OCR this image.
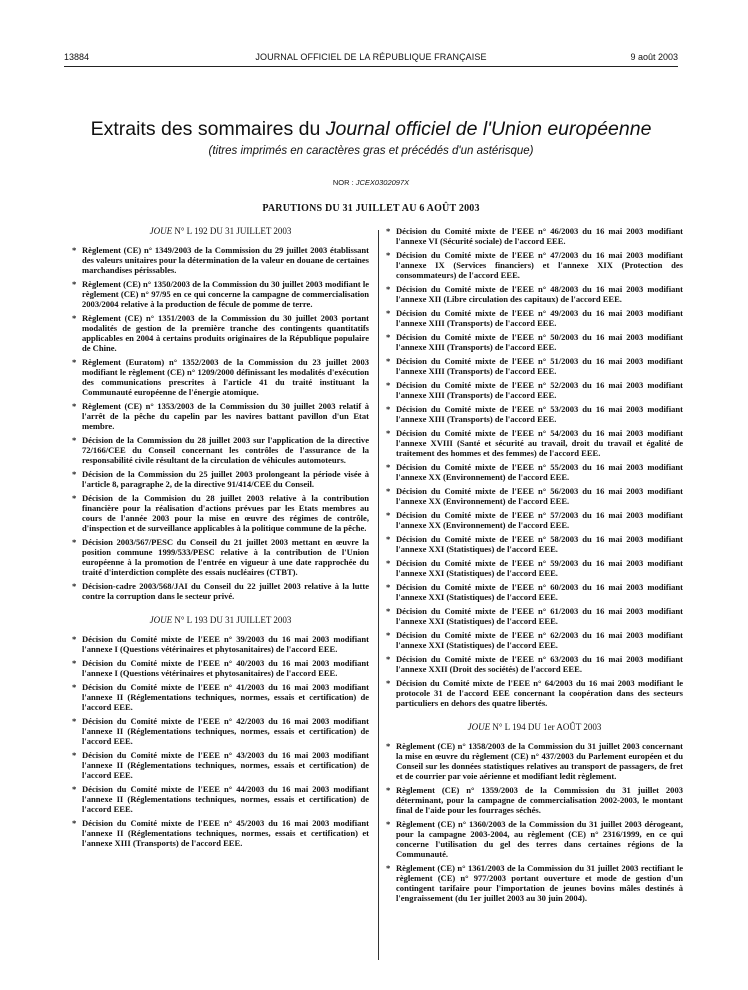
13884	JOURNAL OFFICIEL DE LA RÉPUBLIQUE FRANÇAISE	9 août 2003
Extraits des sommaires du Journal officiel de l'Union européenne
(titres imprimés en caractères gras et précédés d'un astérisque)
NOR : JCEX0302097X
PARUTIONS DU 31 JUILLET AU 6 AOÛT 2003
JOUE N° L 192 DU 31 JUILLET 2003
* Règlement (CE) n° 1349/2003 de la Commission du 29 juillet 2003 établissant des valeurs unitaires pour la détermination de la valeur en douane de certaines marchandises périssables.
* Règlement (CE) n° 1350/2003 de la Commission du 30 juillet 2003 modifiant le règlement (CE) n° 97/95 en ce qui concerne la campagne de commercialisation 2003/2004 relative à la production de fécule de pomme de terre.
* Règlement (CE) n° 1351/2003 de la Commission du 30 juillet 2003 portant modalités de gestion de la première tranche des contingents quantitatifs applicables en 2004 à certains produits originaires de la République populaire de Chine.
* Règlement (Euratom) n° 1352/2003 de la Commission du 23 juillet 2003 modifiant le règlement (CE) n° 1209/2000 définissant les modalités d'exécution des communications prescrites à l'article 41 du traité instituant la Communauté européenne de l'énergie atomique.
* Règlement (CE) n° 1353/2003 de la Commission du 30 juillet 2003 relatif à l'arrêt de la pêche du capelin par les navires battant pavillon d'un Etat membre.
* Décision de la Commission du 28 juillet 2003 sur l'application de la directive 72/166/CEE du Conseil concernant les contrôles de l'assurance de la responsabilité civile résultant de la circulation de véhicules automoteurs.
* Décision de la Commission du 25 juillet 2003 prolongeant la période visée à l'article 8, paragraphe 2, de la directive 91/414/CEE du Conseil.
* Décision de la Commision du 28 juillet 2003 relative à la contribution financière pour la réalisation d'actions prévues par les Etats membres au cours de l'année 2003 pour la mise en œuvre des régimes de contrôle, d'inspection et de surveillance applicables à la politique commune de la pêche.
* Décision 2003/567/PESC du Conseil du 21 juillet 2003 mettant en œuvre la position commune 1999/533/PESC relative à la contribution de l'Union européenne à la promotion de l'entrée en vigueur à une date rapprochée du traité d'interdiction complète des essais nucléaires (CTBT).
* Décision-cadre 2003/568/JAI du Conseil du 22 juillet 2003 relative à la lutte contre la corruption dans le secteur privé.
JOUE N° L 193 DU 31 JUILLET 2003
* Décision du Comité mixte de l'EEE n° 39/2003 du 16 mai 2003 modifiant l'annexe I (Questions vétérinaires et phytosanitaires) de l'accord EEE.
* Décision du Comité mixte de l'EEE n° 40/2003 du 16 mai 2003 modifiant l'annexe I (Questions vétérinaires et phytosanitaires) de l'accord EEE.
* Décision du Comité mixte de l'EEE n° 41/2003 du 16 mai 2003 modifiant l'annexe II (Réglementations techniques, normes, essais et certification) de l'accord EEE.
* Décision du Comité mixte de l'EEE n° 42/2003 du 16 mai 2003 modifiant l'annexe II (Réglementations techniques, normes, essais et certification) de l'accord EEE.
* Décision du Comité mixte de l'EEE n° 43/2003 du 16 mai 2003 modifiant l'annexe II (Réglementations techniques, normes, essais et certification) de l'accord EEE.
* Décision du Comité mixte de l'EEE n° 44/2003 du 16 mai 2003 modifiant l'annexe II (Réglementations techniques, normes, essais et certification) de l'accord EEE.
* Décision du Comité mixte de l'EEE n° 45/2003 du 16 mai 2003 modifiant l'annexe II (Réglementations techniques, normes, essais et certification) et l'annexe XIII (Transports) de l'accord EEE.
* Décision du Comité mixte de l'EEE n° 46/2003 du 16 mai 2003 modifiant l'annexe VI (Sécurité sociale) de l'accord EEE.
* Décision du Comité mixte de l'EEE n° 47/2003 du 16 mai 2003 modifiant l'annexe IX (Services financiers) et l'annexe XIX (Protection des consommateurs) de l'accord EEE.
* Décision du Comité mixte de l'EEE n° 48/2003 du 16 mai 2003 modifiant l'annexe XII (Libre circulation des capitaux) de l'accord EEE.
* Décision du Comité mixte de l'EEE n° 49/2003 du 16 mai 2003 modifiant l'annexe XIII (Transports) de l'accord EEE.
* Décision du Comité mixte de l'EEE n° 50/2003 du 16 mai 2003 modifiant l'annexe XIII (Transports) de l'accord EEE.
* Décision du Comité mixte de l'EEE n° 51/2003 du 16 mai 2003 modifiant l'annexe XIII (Transports) de l'accord EEE.
* Décision du Comité mixte de l'EEE n° 52/2003 du 16 mai 2003 modifiant l'annexe XIII (Transports) de l'accord EEE.
* Décision du Comité mixte de l'EEE n° 53/2003 du 16 mai 2003 modifiant l'annexe XIII (Transports) de l'accord EEE.
* Décision du Comité mixte de l'EEE n° 54/2003 du 16 mai 2003 modifiant l'annexe XVIII (Santé et sécurité au travail, droit du travail et égalité de traitement des hommes et des femmes) de l'accord EEE.
* Décision du Comité mixte de l'EEE n° 55/2003 du 16 mai 2003 modifiant l'annexe XX (Environnement) de l'accord EEE.
* Décision du Comité mixte de l'EEE n° 56/2003 du 16 mai 2003 modifiant l'annexe XX (Environnement) de l'accord EEE.
* Décision du Comité mixte de l'EEE n° 57/2003 du 16 mai 2003 modifiant l'annexe XX (Environnement) de l'accord EEE.
* Décision du Comité mixte de l'EEE n° 58/2003 du 16 mai 2003 modifiant l'annexe XXI (Statistiques) de l'accord EEE.
* Décision du Comité mixte de l'EEE n° 59/2003 du 16 mai 2003 modifiant l'annexe XXI (Statistiques) de l'accord EEE.
* Décision du Comité mixte de l'EEE n° 60/2003 du 16 mai 2003 modifiant l'annexe XXI (Statistiques) de l'accord EEE.
* Décision du Comité mixte de l'EEE n° 61/2003 du 16 mai 2003 modifiant l'annexe XXI (Statistiques) de l'accord EEE.
* Décision du Comité mixte de l'EEE n° 62/2003 du 16 mai 2003 modifiant l'annexe XXI (Statistiques) de l'accord EEE.
* Décision du Comité mixte de l'EEE n° 63/2003 du 16 mai 2003 modifiant l'annexe XXII (Droit des sociétés) de l'accord EEE.
* Décision du Comité mixte de l'EEE n° 64/2003 du 16 mai 2003 modifiant le protocole 31 de l'accord EEE concernant la coopération dans des secteurs particuliers en dehors des quatre libertés.
JOUE N° L 194 DU 1er AOÛT 2003
* Règlement (CE) n° 1358/2003 de la Commission du 31 juillet 2003 concernant la mise en œuvre du règlement (CE) n° 437/2003 du Parlement européen et du Conseil sur les données statistiques relatives au transport de passagers, de fret et de courrier par voie aérienne et modifiant ledit règlement.
* Règlement (CE) n° 1359/2003 de la Commission du 31 juillet 2003 déterminant, pour la campagne de commercialisation 2002-2003, le montant final de l'aide pour les fourrages séchés.
* Règlement (CE) n° 1360/2003 de la Commission du 31 juillet 2003 dérogeant, pour la campagne 2003-2004, au règlement (CE) n° 2316/1999, en ce qui concerne l'utilisation du gel des terres dans certaines régions de la Communauté.
* Règlement (CE) n° 1361/2003 de la Commission du 31 juillet 2003 rectifiant le règlement (CE) n° 977/2003 portant ouverture et mode de gestion d'un contingent tarifaire pour l'importation de jeunes bovins mâles destinés à l'engraissement (du 1er juillet 2003 au 30 juin 2004).
